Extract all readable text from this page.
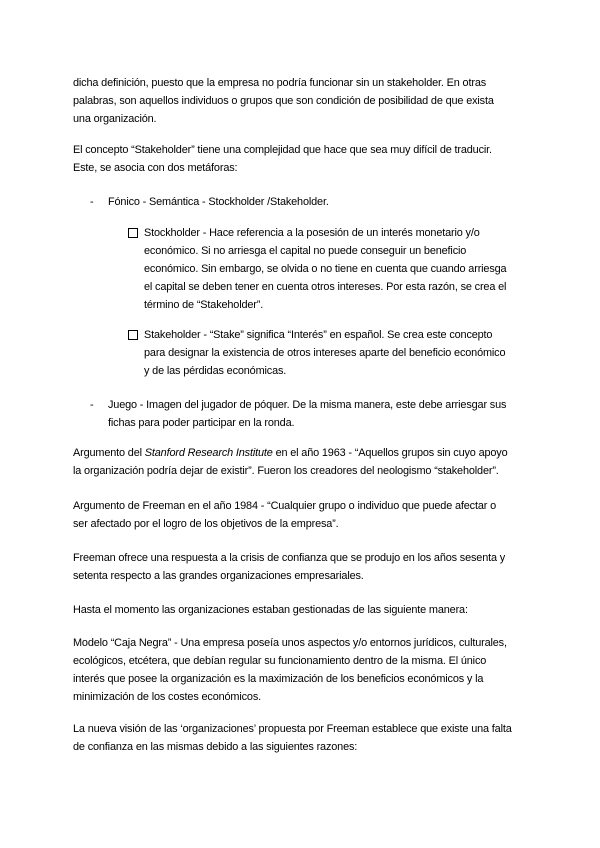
dicha definición, puesto que la empresa no podría funcionar sin un stakeholder. En otras
palabras, son aquellos individuos o grupos que son condición de posibilidad de que exista
una organización.

El concepto “Stakeholder” tiene una complejidad que hace que sea muy difícil de traducir.
Este, se asocia con dos metáforas:

-	Fónico - Semántica - Stockholder /Stakeholder.

Stockholder - Hace referencia a la posesión de un interés monetario y/o
económico. Si no arriesga el capital no puede conseguir un beneficio
económico. Sin embargo, se olvida o no tiene en cuenta que cuando arriesga
el capital se deben tener en cuenta otros intereses. Por esta razón, se crea el
término de “Stakeholder”.

Stakeholder - “Stake” significa “Interés” en español. Se crea este concepto
para designar la existencia de otros intereses aparte del beneficio económico
y de las pérdidas económicas.

-	Juego - Imagen del jugador de póquer. De la misma manera, este debe arriesgar sus
fichas para poder participar en la ronda.

Argumento del Stanford Research Institute en el año 1963 - “Aquellos grupos sin cuyo apoyo
la organización podría dejar de existir”. Fueron los creadores del neologismo “stakeholder”.

Argumento de Freeman en el año 1984 - “Cualquier grupo o individuo que puede afectar o
ser afectado por el logro de los objetivos de la empresa”.

Freeman ofrece una respuesta a la crisis de confianza que se produjo en los años sesenta y
setenta respecto a las grandes organizaciones empresariales.

Hasta el momento las organizaciones estaban gestionadas de las siguiente manera:

Modelo “Caja Negra” - Una empresa poseía unos aspectos y/o entornos jurídicos, culturales,
ecológicos, etcétera, que debían regular su funcionamiento dentro de la misma. El único
interés que posee la organización es la maximización de los beneficios económicos y la
minimización de los costes económicos.

La nueva visión de las ‘organizaciones’ propuesta por Freeman establece que existe una falta
de confianza en las mismas debido a las siguientes razones:
